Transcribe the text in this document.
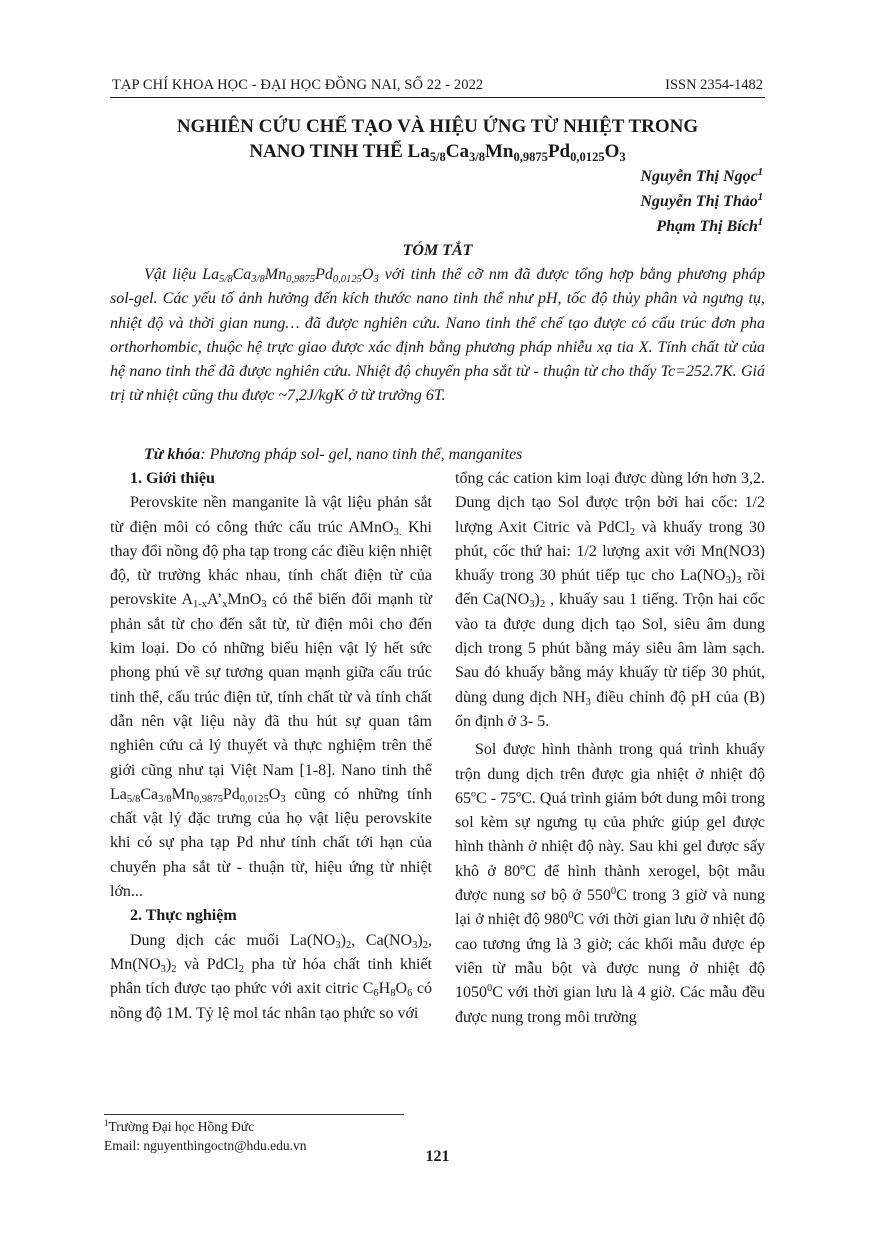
TẠP CHÍ KHOA HỌC - ĐẠI HỌC ĐỒNG NAI, SỐ 22 - 2022	ISSN 2354-1482
NGHIÊN CỨU CHẾ TẠO VÀ HIỆU ỨNG TỪ NHIỆT TRONG
NANO TINH THỂ $La_{5/8}Ca_{3/8}Mn_{0,9875}Pd_{0,0125}O_3$
Nguyễn Thị Ngọc$^1$
Nguyễn Thị Thảo$^1$
Phạm Thị Bích$^1$
TÓM TẮT
Vật liệu $La_{5/8}Ca_{3/8}Mn_{0,9875}Pd_{0,0125}O_3$ với tinh thể cỡ nm đã được tổng hợp bằng phương pháp sol-gel. Các yếu tố ảnh hưởng đến kích thước nano tinh thể như pH, tốc độ thủy phân và ngưng tụ, nhiệt độ và thời gian nung… đã được nghiên cứu. Nano tinh thể chế tạo được có cấu trúc đơn pha orthorhombic, thuộc hệ trực giao được xác định bằng phương pháp nhiễu xạ tia X. Tính chất từ của hệ nano tinh thể đã được nghiên cứu. Nhiệt độ chuyển pha sắt từ - thuận từ cho thấy Tc=252.7K. Giá trị từ nhiệt cũng thu được ~7,2J/kgK ở từ trường 6T.
Từ khóa: Phương pháp sol- gel, nano tinh thể, manganites
1. Giới thiệu

Perovskite nền manganite là vật liệu phản sắt từ điện môi có công thức cấu trúc AMnO$_{3.}$ Khi thay đổi nồng độ pha tạp trong các điều kiện nhiệt độ, từ trường khác nhau, tính chất điện từ của perovskite $A_{1-x}A’_xMnO_3$ có thể biến đổi mạnh từ phản sắt từ cho đến sắt từ, từ điện môi cho đến kim loại. Do có những biểu hiện vật lý hết sức phong phú về sự tương quan mạnh giữa cấu trúc tinh thể, cấu trúc điện tử, tính chất từ và tính chất dẫn nên vật liệu này đã thu hút sự quan tâm nghiên cứu cả lý thuyết và thực nghiệm trên thế giới cũng như tại Việt Nam [1-8]. Nano tinh thể $La_{5/8}Ca_{3/8}Mn_{0,9875}Pd_{0,0125}O_3$ cũng có những tính chất vật lý đặc trưng của họ vật liệu perovskite khi có sự pha tạp Pd như tính chất tới hạn của chuyển pha sắt từ - thuận từ, hiệu ứng từ nhiệt lớn...

2. Thực nghiệm

Dung dịch các muối $La(NO_3)_2$, $Ca(NO_3)_2$, $Mn(NO_3)_2$ và PdCl$_2$ pha từ hóa chất tinh khiết phân tích được tạo phức với axit citric $C_6H_8O_6$ có nồng độ 1M. Tỷ lệ mol tác nhân tạo phức so với

tổng các cation kim loại được dùng lớn hơn 3,2. Dung dịch tạo Sol được trộn bởi hai cốc: 1/2 lượng Axit Citric và PdCl$_2$ và khuấy trong 30 phút, cốc thứ hai: 1/2 lượng axit với Mn(NO3) khuấy trong 30 phút tiếp tục cho $La(NO_3)_3$ rồi đến $Ca(NO_3)_2$ , khuấy sau 1 tiếng. Trộn hai cốc vào ta được dung dịch tạo Sol, siêu âm dung dịch trong 5 phút bằng máy siêu âm làm sạch. Sau đó khuấy bằng máy khuấy từ tiếp 30 phút, dùng dung dịch $NH_3$ điều chỉnh độ pH của (B) ổn định ở 3- 5.

Sol được hình thành trong quá trình khuấy trộn dung dịch trên được gia nhiệt ở nhiệt độ 65ºC - 75ºC. Quá trình giảm bớt dung môi trong sol kèm sự ngưng tụ của phức giúp gel được hình thành ở nhiệt độ này. Sau khi gel được sấy khô ở 80ºC để hình thành xerogel, bột mẫu được nung sơ bộ ở $550^0C$ trong 3 giờ và nung lại ở nhiệt độ $980^0C$ với thời gian lưu ở nhiệt độ cao tương ứng là 3 giờ; các khối mẫu được ép viên từ mẫu bột và được nung ở nhiệt độ 1050$^0$C với thời gian lưu là 4 giờ. Các mẫu đều được nung trong môi trường

$^1$Trường Đại học Hồng Đức
Email: nguyenthingoctn@hdu.edu.vn
121
